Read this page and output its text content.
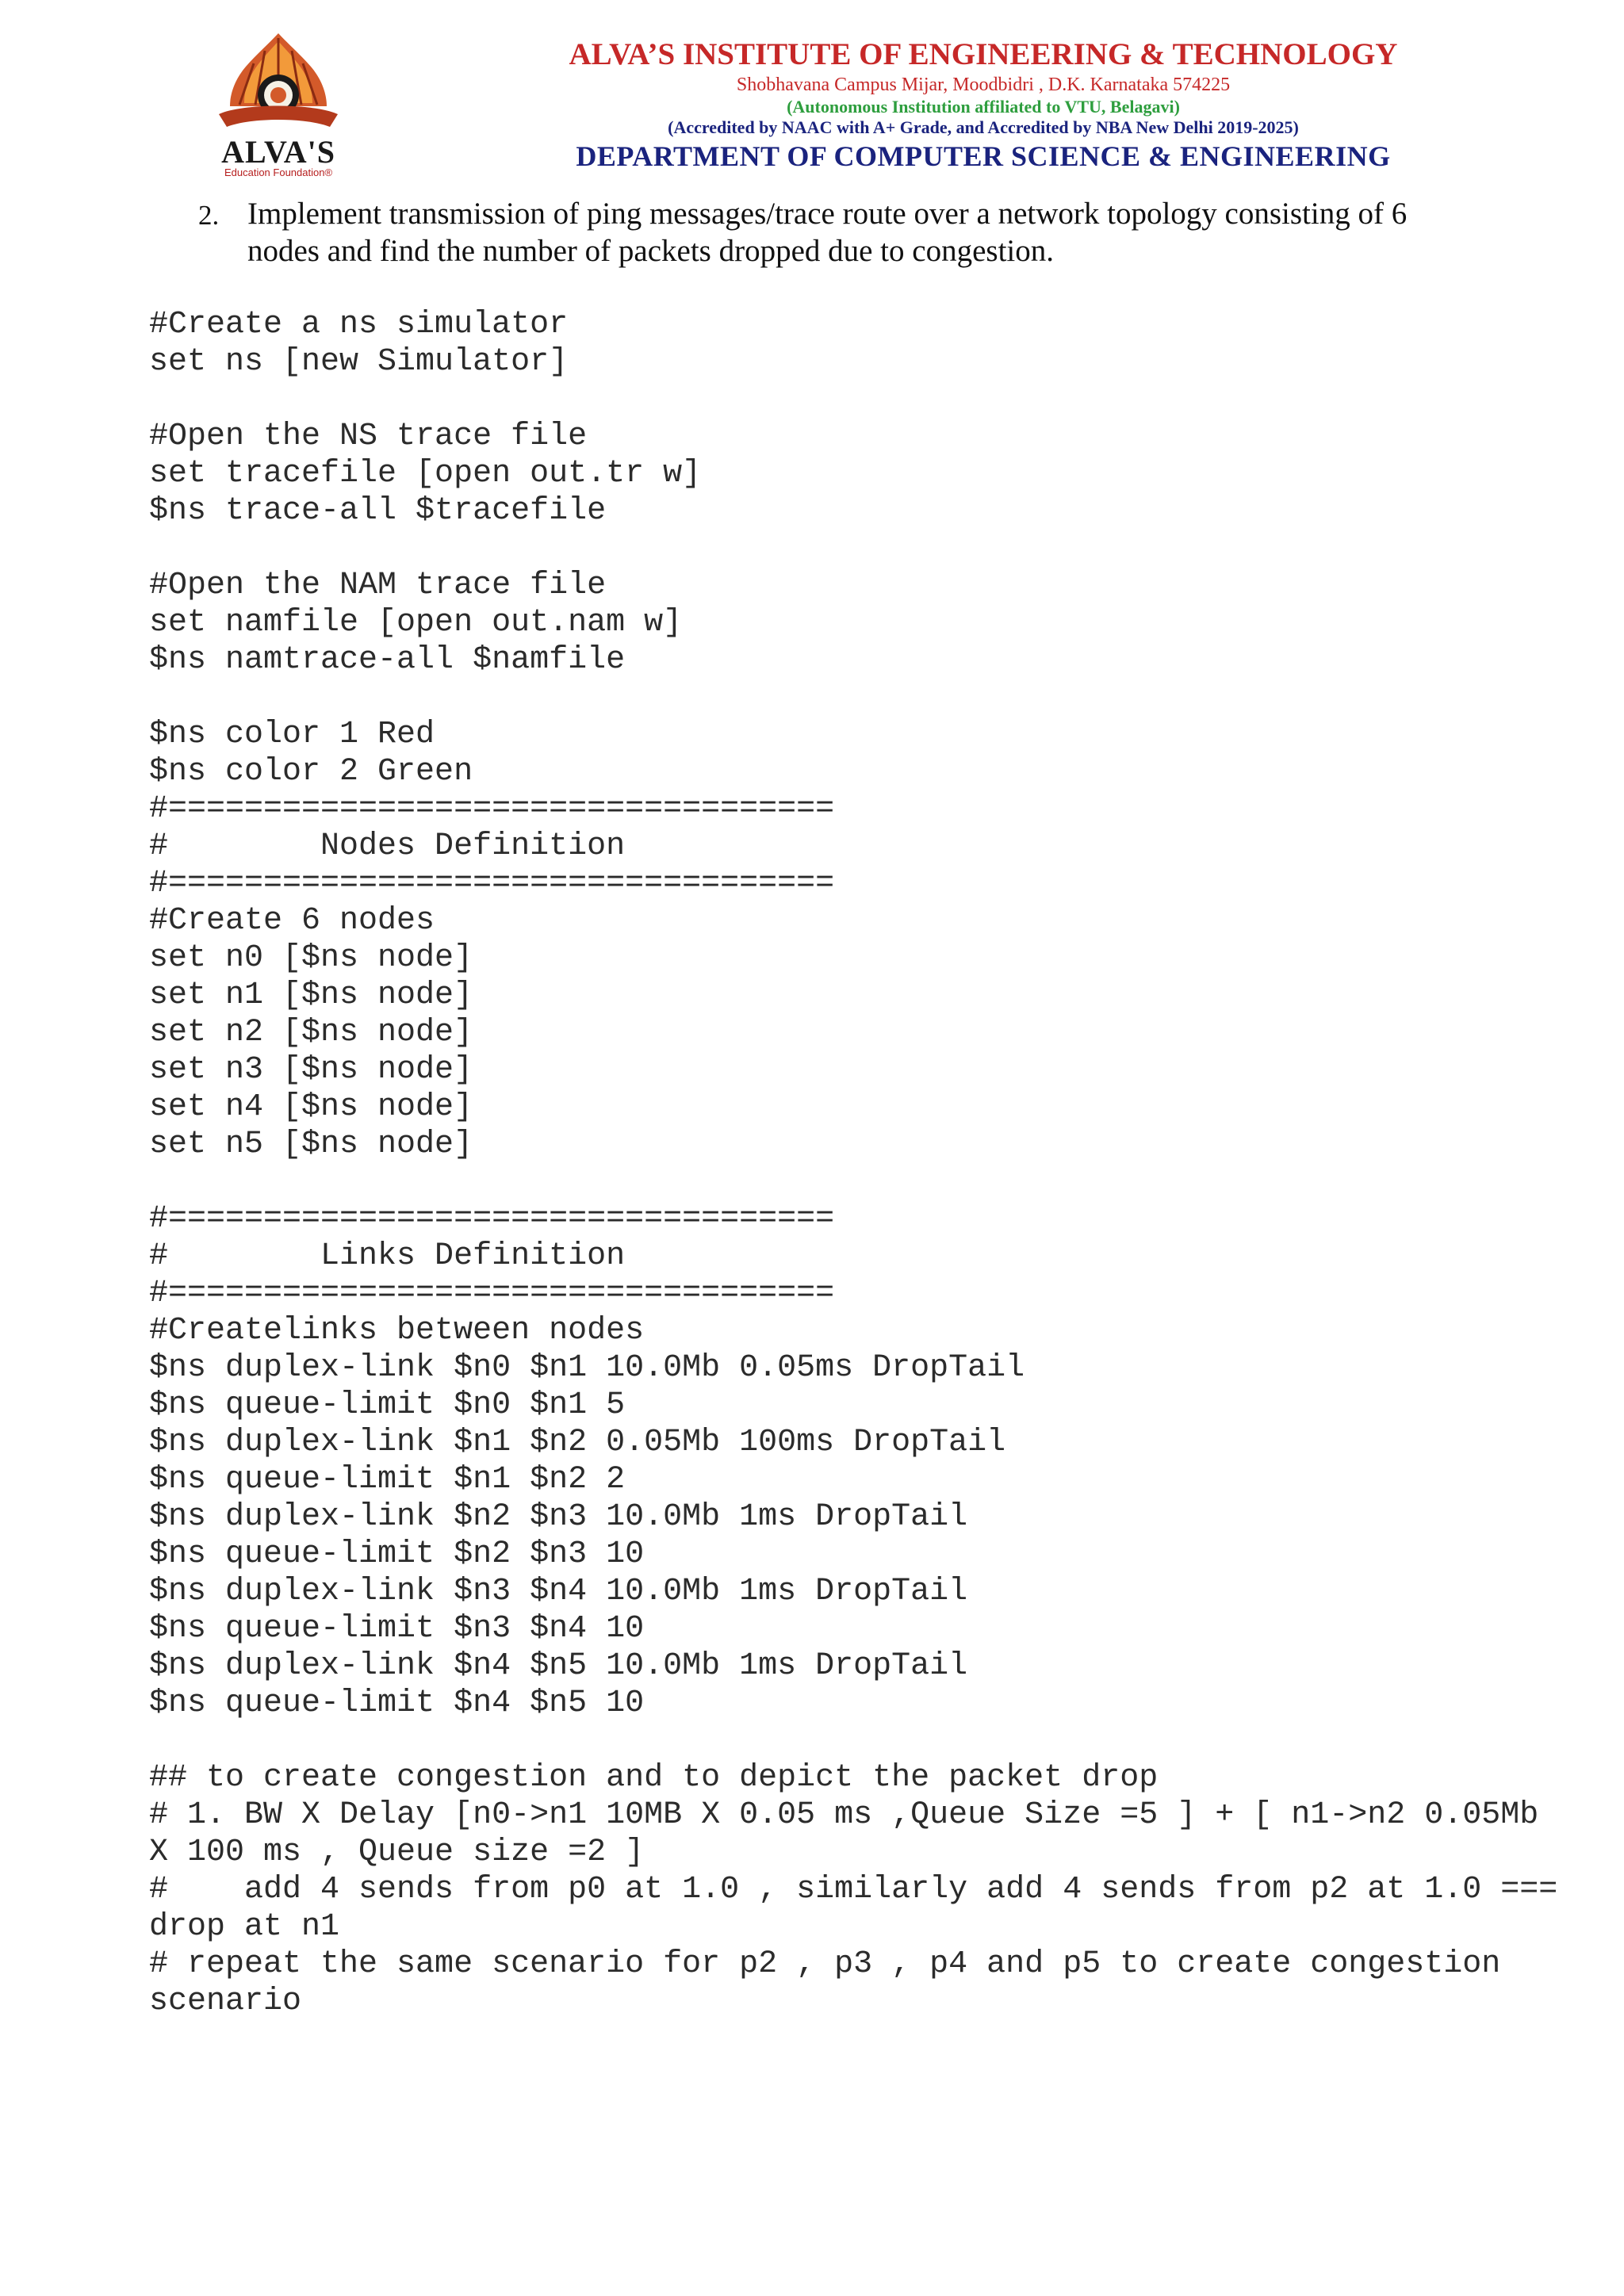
ALVA'S
Education Foundation®
ALVA’S INSTITUTE OF ENGINEERING & TECHNOLOGY
Shobhavana Campus Mijar, Moodbidri , D.K. Karnataka 574225
(Autonomous Institution affiliated to VTU, Belagavi)
(Accredited by NAAC with A+ Grade, and Accredited by NBA New Delhi 2019-2025)
DEPARTMENT OF COMPUTER SCIENCE & ENGINEERING
2. Implement transmission of ping messages/trace route over a network topology consisting of 6 nodes and find the number of packets dropped due to congestion.
#Create a ns simulator
set ns [new Simulator]
#Open the NS trace file
set tracefile [open out.tr w]
$ns trace-all $tracefile
#Open the NAM trace file
set namfile [open out.nam w]
$ns namtrace-all $namfile
$ns color 1 Red
$ns color 2 Green
#===================================
#        Nodes Definition
#===================================
#Create 6 nodes
set n0 [$ns node]
set n1 [$ns node]
set n2 [$ns node]
set n3 [$ns node]
set n4 [$ns node]
set n5 [$ns node]
#===================================
#        Links Definition
#===================================
#Createlinks between nodes
$ns duplex-link $n0 $n1 10.0Mb 0.05ms DropTail
$ns queue-limit $n0 $n1 5
$ns duplex-link $n1 $n2 0.05Mb 100ms DropTail
$ns queue-limit $n1 $n2 2
$ns duplex-link $n2 $n3 10.0Mb 1ms DropTail
$ns queue-limit $n2 $n3 10
$ns duplex-link $n3 $n4 10.0Mb 1ms DropTail
$ns queue-limit $n3 $n4 10
$ns duplex-link $n4 $n5 10.0Mb 1ms DropTail
$ns queue-limit $n4 $n5 10
## to create congestion and to depict the packet drop
# 1. BW X Delay [n0->n1 10MB X 0.05 ms ,Queue Size =5 ] + [ n1->n2 0.05Mb X 100 ms , Queue size =2 ]
#    add 4 sends from p0 at 1.0 , similarly add 4 sends from p2 at 1.0 === drop at n1
# repeat the same scenario for p2 , p3 , p4 and p5 to create congestion scenario
